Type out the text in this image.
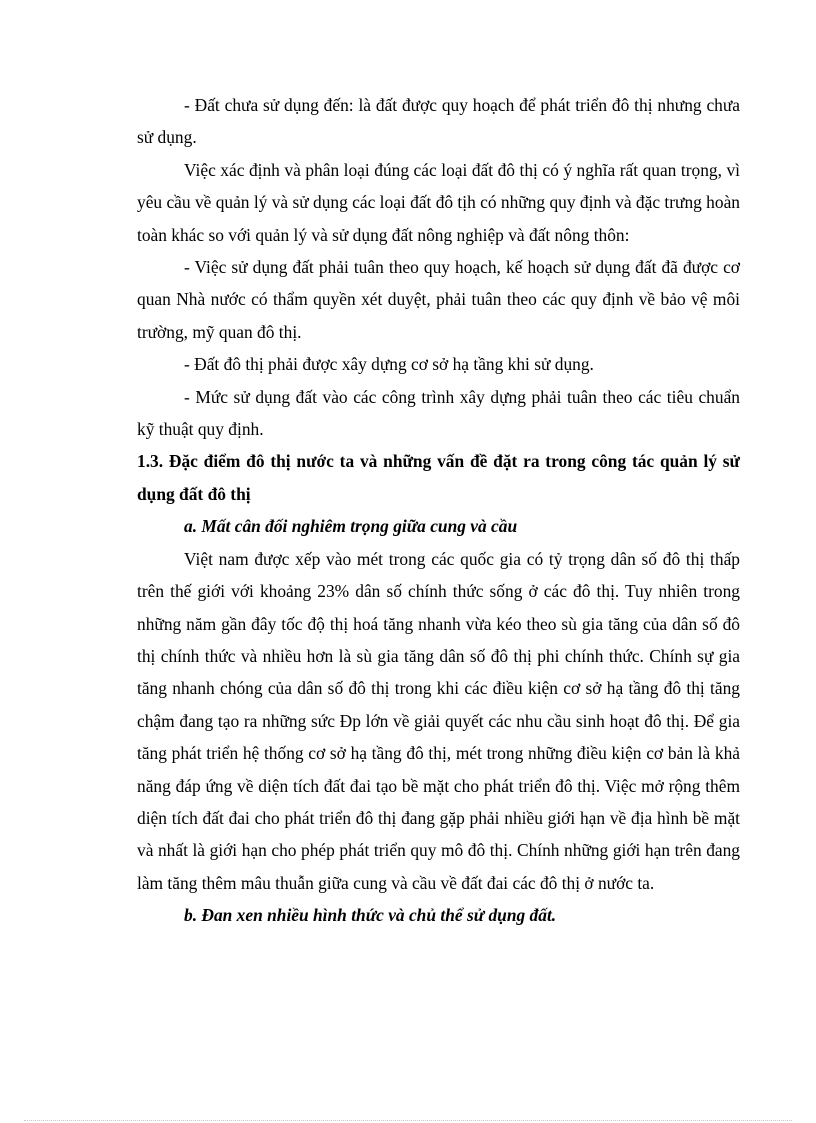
- Đất chưa sử dụng đến: là đất được quy hoạch để phát triển đô thị nhưng chưa sử dụng.

Việc xác định và phân loại đúng các loại đất đô thị có ý nghĩa rất quan trọng, vì yêu cầu về quản lý và sử dụng các loại đất đô tịh có những quy định và đặc trưng hoàn toàn khác so với quản lý và sử dụng đất nông nghiệp và đất nông thôn:

- Việc sử dụng đất phải tuân theo quy hoạch, kế hoạch sử dụng đất đã được cơ quan Nhà nước có thẩm quyền xét duyệt, phải tuân theo các quy định về bảo vệ môi trường, mỹ quan đô thị.

- Đất đô thị phải được xây dựng cơ sở hạ tầng khi sử dụng.

- Mức sử dụng đất vào các công trình xây dựng phải tuân theo các tiêu chuẩn kỹ thuật quy định.

1.3. Đặc điểm đô thị nước ta và những vấn đề đặt ra trong công tác quản lý sử dụng đất đô thị

a. Mất cân đối nghiêm trọng giữa cung và cầu

Việt nam được xếp vào mét trong các quốc gia có tỷ trọng dân số đô thị thấp trên thế giới với khoảng 23% dân số chính thức sống ở các đô thị. Tuy nhiên trong những năm gần đây tốc độ thị hoá tăng nhanh vừa kéo theo sù gia tăng của dân số đô thị chính thức và nhiều hơn là sù gia tăng dân số đô thị phi chính thức. Chính sự gia tăng nhanh chóng của dân số đô thị trong khi các điều kiện cơ sở hạ tầng đô thị tăng chậm đang tạo ra những sức Ðp lớn về giải quyết các nhu cầu sinh hoạt đô thị. Để gia tăng phát triển hệ thống cơ sở hạ tầng đô thị, mét trong những điều kiện cơ bản là khả năng đáp ứng về diện tích đất đai tạo bề mặt cho phát triển đô thị. Việc mở rộng thêm diện tích đất đai cho phát triển đô thị đang gặp phải nhiều giới hạn về địa hình bề mặt và nhất là giới hạn cho phép phát triển quy mô đô thị. Chính những giới hạn trên đang làm tăng thêm mâu thuẫn giữa cung và cầu về đất đai các đô thị ở nước ta.

b. Đan xen nhiều hình thức và chủ thể sử dụng đất.
